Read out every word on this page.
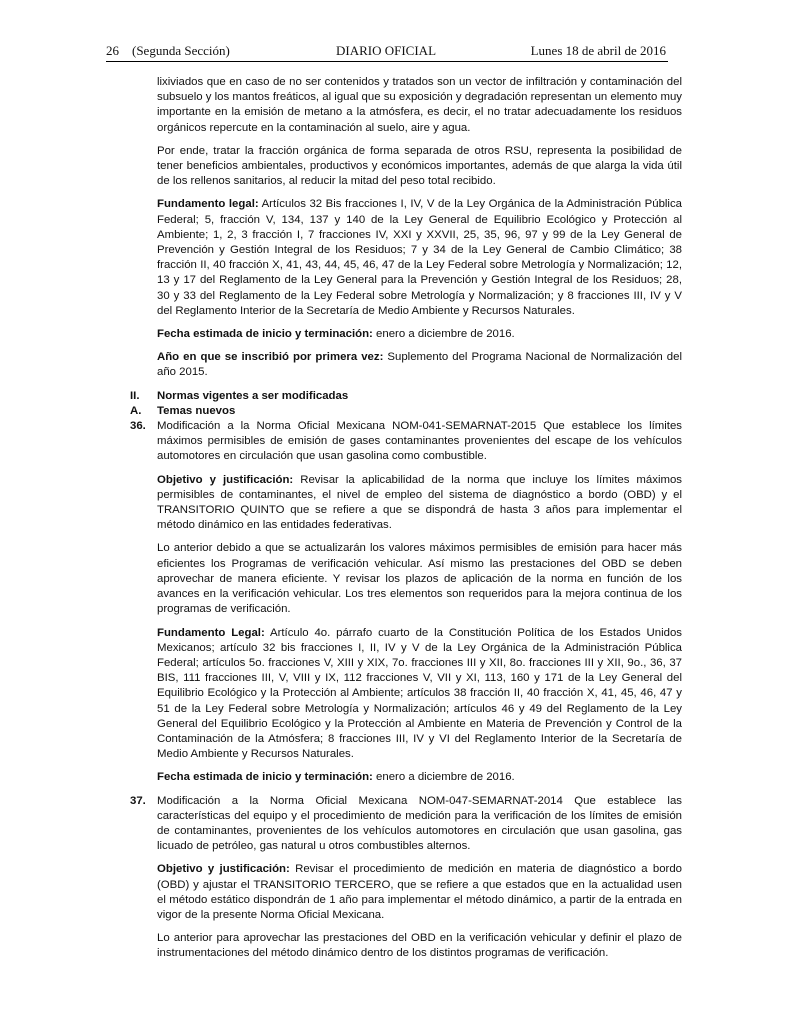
26 (Segunda Sección)	DIARIO OFICIAL	Lunes 18 de abril de 2016

lixiviados que en caso de no ser contenidos y tratados son un vector de infiltración y contaminación del subsuelo y los mantos freáticos, al igual que su exposición y degradación representan un elemento muy importante en la emisión de metano a la atmósfera, es decir, el no tratar adecuadamente los residuos orgánicos repercute en la contaminación al suelo, aire y agua.

Por ende, tratar la fracción orgánica de forma separada de otros RSU, representa la posibilidad de tener beneficios ambientales, productivos y económicos importantes, además de que alarga la vida útil de los rellenos sanitarios, al reducir la mitad del peso total recibido.

Fundamento legal: Artículos 32 Bis fracciones I, IV, V de la Ley Orgánica de la Administración Pública Federal; 5, fracción V, 134, 137 y 140 de la Ley General de Equilibrio Ecológico y Protección al Ambiente; 1, 2, 3 fracción I, 7 fracciones IV, XXI y XXVII, 25, 35, 96, 97 y 99 de la Ley General de Prevención y Gestión Integral de los Residuos; 7 y 34 de la Ley General de Cambio Climático; 38 fracción II, 40 fracción X, 41, 43, 44, 45, 46, 47 de la Ley Federal sobre Metrología y Normalización; 12, 13 y 17 del Reglamento de la Ley General para la Prevención y Gestión Integral de los Residuos; 28, 30 y 33 del Reglamento de la Ley Federal sobre Metrología y Normalización; y 8 fracciones III, IV y V del Reglamento Interior de la Secretaría de Medio Ambiente y Recursos Naturales.

Fecha estimada de inicio y terminación: enero a diciembre de 2016.

Año en que se inscribió por primera vez: Suplemento del Programa Nacional de Normalización del año 2015.

II. Normas vigentes a ser modificadas
A. Temas nuevos
36. Modificación a la Norma Oficial Mexicana NOM-041-SEMARNAT-2015 Que establece los límites máximos permisibles de emisión de gases contaminantes provenientes del escape de los vehículos automotores en circulación que usan gasolina como combustible.

Objetivo y justificación: Revisar la aplicabilidad de la norma que incluye los límites máximos permisibles de contaminantes, el nivel de empleo del sistema de diagnóstico a bordo (OBD) y el TRANSITORIO QUINTO que se refiere a que se dispondrá de hasta 3 años para implementar el método dinámico en las entidades federativas.

Lo anterior debido a que se actualizarán los valores máximos permisibles de emisión para hacer más eficientes los Programas de verificación vehicular. Así mismo las prestaciones del OBD se deben aprovechar de manera eficiente. Y revisar los plazos de aplicación de la norma en función de los avances en la verificación vehicular. Los tres elementos son requeridos para la mejora continua de los programas de verificación.

Fundamento Legal: Artículo 4o. párrafo cuarto de la Constitución Política de los Estados Unidos Mexicanos; artículo 32 bis fracciones I, II, IV y V de la Ley Orgánica de la Administración Pública Federal; artículos 5o. fracciones V, XIII y XIX, 7o. fracciones III y XII, 8o. fracciones III y XII, 9o., 36, 37 BIS, 111 fracciones III, V, VIII y IX, 112 fracciones V, VII y XI, 113, 160 y 171 de la Ley General del Equilibrio Ecológico y la Protección al Ambiente; artículos 38 fracción II, 40 fracción X, 41, 45, 46, 47 y 51 de la Ley Federal sobre Metrología y Normalización; artículos 46 y 49 del Reglamento de la Ley General del Equilibrio Ecológico y la Protección al Ambiente en Materia de Prevención y Control de la Contaminación de la Atmósfera; 8 fracciones III, IV y VI del Reglamento Interior de la Secretaría de Medio Ambiente y Recursos Naturales.

Fecha estimada de inicio y terminación: enero a diciembre de 2016.

37. Modificación a la Norma Oficial Mexicana NOM-047-SEMARNAT-2014 Que establece las características del equipo y el procedimiento de medición para la verificación de los límites de emisión de contaminantes, provenientes de los vehículos automotores en circulación que usan gasolina, gas licuado de petróleo, gas natural u otros combustibles alternos.

Objetivo y justificación: Revisar el procedimiento de medición en materia de diagnóstico a bordo (OBD) y ajustar el TRANSITORIO TERCERO, que se refiere a que estados que en la actualidad usen el método estático dispondrán de 1 año para implementar el método dinámico, a partir de la entrada en vigor de la presente Norma Oficial Mexicana.

Lo anterior para aprovechar las prestaciones del OBD en la verificación vehicular y definir el plazo de instrumentaciones del método dinámico dentro de los distintos programas de verificación.
